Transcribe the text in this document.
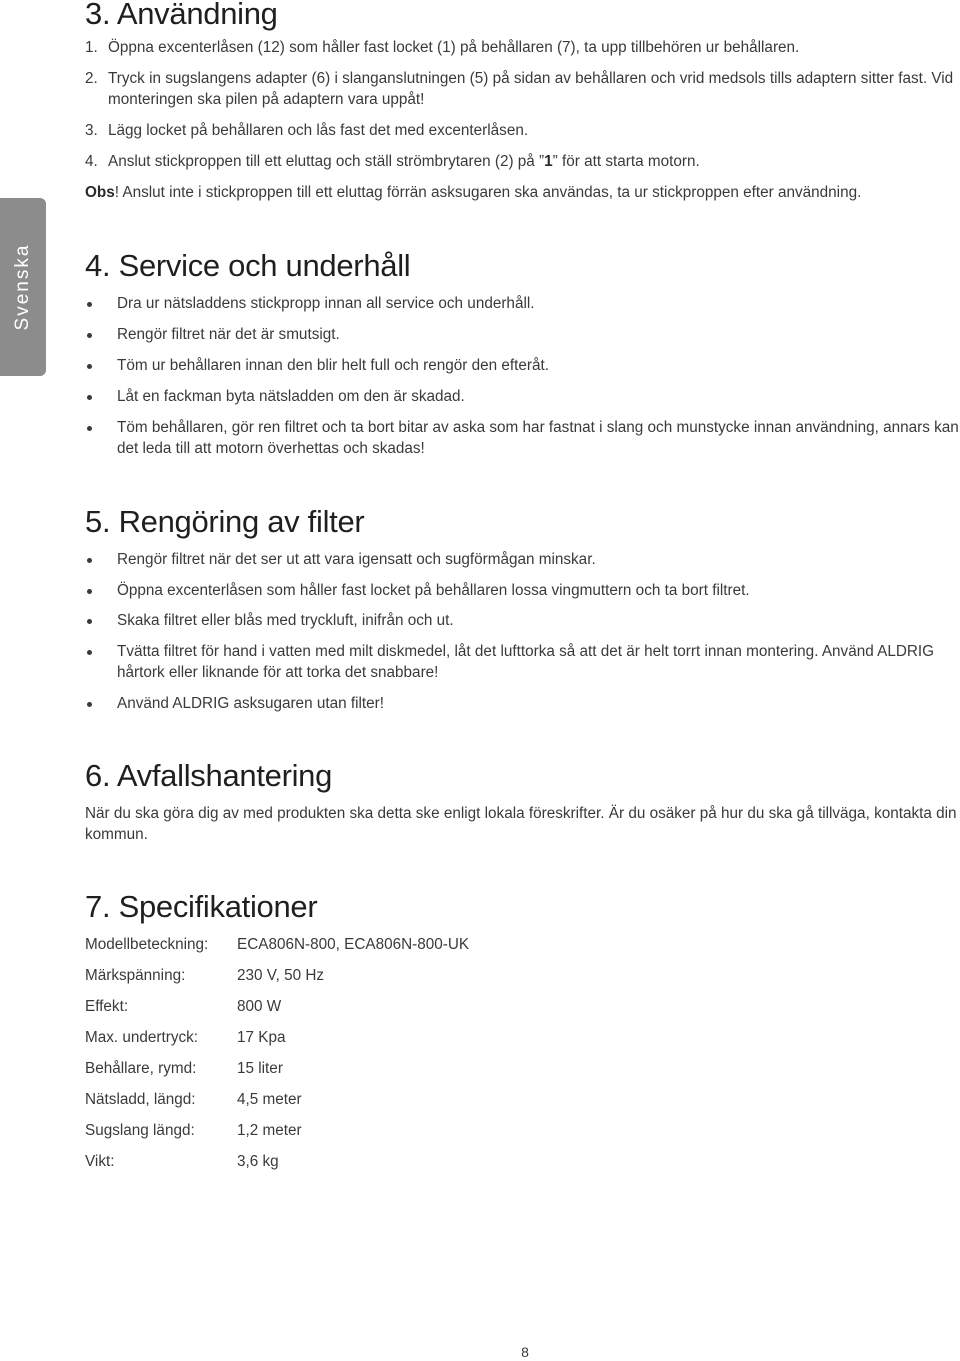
Svenska
3. Användning
1. Öppna excenterlåsen (12) som håller fast locket (1) på behållaren (7), ta upp tillbehören ur behållaren.
2. Tryck in sugslangens adapter (6) i slanganslutningen (5) på sidan av behållaren och vrid medsols tills adaptern sitter fast. Vid monteringen ska pilen på adaptern vara uppåt!
3. Lägg locket på behållaren och lås fast det med excenterlåsen.
4. Anslut stickproppen till ett eluttag och ställ strömbrytaren (2) på ”1” för att starta motorn.
Obs! Anslut inte i stickproppen till ett eluttag förrän asksugaren ska användas, ta ur stickproppen efter användning.
4. Service och underhåll
Dra ur nätsladdens stickpropp innan all service och underhåll.
Rengör filtret när det är smutsigt.
Töm ur behållaren innan den blir helt full och rengör den efteråt.
Låt en fackman byta nätsladden om den är skadad.
Töm behållaren, gör ren filtret och ta bort bitar av aska som har fastnat i slang och munstycke innan användning, annars kan det leda till att motorn överhettas och skadas!
5. Rengöring av filter
Rengör filtret när det ser ut att vara igensatt och sugförmågan minskar.
Öppna excenterlåsen som håller fast locket på behållaren lossa vingmuttern och ta bort filtret.
Skaka filtret eller blås med tryckluft, inifrån och ut.
Tvätta filtret för hand i vatten med milt diskmedel, låt det lufttorka så att det är helt torrt innan montering. Använd ALDRIG hårtork eller liknande för att torka det snabbare!
Använd ALDRIG asksugaren utan filter!
6. Avfallshantering
När du ska göra dig av med produkten ska detta ske enligt lokala föreskrifter. Är du osäker på hur du ska gå tillväga, kontakta din kommun.
7. Specifikationer
Modellbeteckning:	ECA806N-800, ECA806N-800-UK
Märkspänning:	230 V, 50 Hz
Effekt:	800 W
Max. undertryck:	17 Kpa
Behållare, rymd:	15 liter
Nätsladd, längd:	4,5 meter
Sugslang längd:	1,2 meter
Vikt:	3,6 kg
8
